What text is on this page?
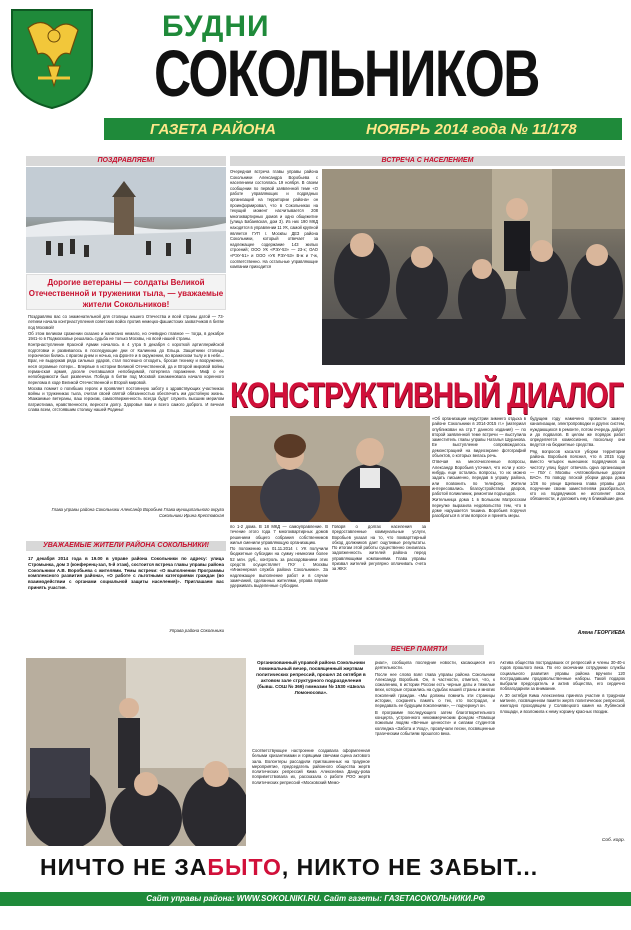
БУДНИ
СОКОЛЬНИКОВ
ГАЗЕТА РАЙОНА	НОЯБРЬ 2014 года № 11/178
ПОЗДРАВЛЯЕМ!
Дорогие ветераны — солдаты Великой Отечественной и труженики тыла, — уважаемые жители Сокольников!

Поздравляю вас со знаменательной для столицы нашего Отечества и всей страны датой — 73-летием начала контрнаступления советских войск против немецко-фашистских захватчиков в битве под Москвой!

Об этом великом сражении сказано и написано немало, но очевидно главное — тогда, в декабре 1941-го в Подмосковье решалась судьба не только Москвы, но всей нашей страны.

Контрнаступление Красной Армии началось в 4 утра 5 декабря с короткой артиллерийской подготовки и развивалось в последующие дни от Калинина до Ельца. Защитники столицы героически бились с врагом днем и ночью, на фронте и в окружении, во вражеском тылу и в небе... Враг, не выдержав ряда сильных ударов, стал поспешно отходить, бросая технику и вооружение, неся огромные потери... Впервые в истории Великой Отечественной, да и Второй мировой войны германская армия, доселе считавшаяся непобедимой, потерпела поражение. Миф о ее непобедимости был развенчан. Победа в битве под Москвой ознаменовала начало коренного перелома в ходе Великой Отечественной и Второй мировой.

Москва помнит о погибших героях и проявляет постоянную заботу о здравствующих участниках войны и тружениках тыла, считая своей святой обязанностью обеспечить им достойную жизнь. Уважаемые ветераны, ваш героизм, самоотверженность всегда будут служить высшим мерилом патриотизма, нравственности, верности долгу. Здоровья вам и всего самого доброго. И вечная слава всем, отстоявшим столицу нашей Родины!

Глава управы района Сокольники Александр Воробьев Глава муниципального округа Сокольники Ирина Крестовская
УВАЖАЕМЫЕ ЖИТЕЛИ РАЙОНА СОКОЛЬНИКИ!
17 декабря 2014 года в 19.00 в управе района Сокольники по адресу: улица Стромынка, дом 3 (конференц-зал, 5-й этаж), состоится встреча главы управы района Сокольники А.В. Воробьева с жителями. Темы встречи: «О выполнении Программы комплексного развития района», «О работе с льготными категориями граждан (во взаимодействии с органами социальной защиты населения)». Приглашаем вас принять участие.
Управа района Сокольники
ВСТРЕЧА С НАСЕЛЕНИЕМ
Очередная встреча главы управы района Сокольники Александра Воробьева с населением состоялась 19 ноября. В своем сообщении по первой заявленной теме «О работе управляющих и подрядных организаций на территории района» он проинформировал, что в Сокольниках на текущий момент насчитывается 208 многоквартирных домов и одно общежитие (улица Бабаевская, дом 3). Из них 190 МКД находятся в управлении 11 УК, самой крупной является ГУП г. Москвы ДЕЗ района Сокольники, который отвечает за надлежащее содержание 143 жилых строений; ООО УК «РЭУ-53» — 23-х; ОАО «РЭУ-51» и ООО «УК РЭУ-53» В-ж и 7-ж, соответственно. На остальные управляющие компании приходится
КОНСТРУКТИВНЫЙ ДИАЛОГ

по 1-2 дома. В 18 МКД — самоуправление. В течение этого года 7 многоквартирных домов решением общего собрания собственников жилья сменили управляющую организацию.

По положению на 01.11.2014 г. УК получили бюджетные субсидии на сумму немногим более 52 млн. руб., контроль за расходованием этих средств осуществляет ГКУ г. Москвы «Инженерная служба района Сокольники». За надлежащее выполнение работ и в случае замечаний, сделанных жителями, управа вправе удерживать выделенные субсидии.

Говоря о долгах населения за предоставленные коммунальные услуги, Воробьев указал на то, что покварттирный обход должников дает ощутимые результаты. По итогам этой работы существенно снизилась задолженность жителей района перед управляющими компаниями. Глава управы призвал жителей регулярно оплачивать счета за ЖКУ.

«Об организации индустрии зимнего отдыха в районе Сокольники в 2014-2015 гг.» (материал опубликован на стр.7 данного издания) — по второй заявленной теме встречи — выступила заместитель главы управы Наталья Шуранова. Ее выступление сопровождалось демонстрацией на видеоэкране фотографий объектов, о которых велась речь.

Отвечая на многочисленные вопросы, Александр Воробьев уточнил, что если у кого-нибудь еще остались вопросы, то их можно задать письменно, передав в управу района, или позвонить по телефону. Жители интересовались благоустройством дворов, работой поликлиник, ремонтом подъездов.

Жительница дома 1 в Большом Матросском переулке выразила недовольство тем, что в доме нарушается тишина. Воробьев поручил разобраться в этом вопросе и принять меры.

будущем году намечено провести замену канализации, электропроводки и других систем, нуждающихся в ремонте, потом очередь дойдет и до подвалов. В целом же порядок работ определяется комиссионно, поскольку они ведутся на бюджетные средства.

Ряд вопросов касался уборки территории района. Воробьев пояснил, что в 2015 году вместо четырех нынешних подрядчиков за чистоту улиц будет отвечать одна организация — ГБУ г. Москвы «Автомобильные дороги ВАО». По поводу плохой уборки двора дома 1/26 по улице Щепкина глава управы дал поручение своим заместителям разобраться, кто из подрядчиков не исполняет свои обязанности, и доложить ему в ближайшие дни.

Алена ГЕОРГИЕВА
ВЕЧЕР ПАМЯТИ
Организованный управой района Сокольники поминальный вечер, посвященный жертвам политических репрессий, прошел 24 октября в актовом зале структурного подразделения (бывш. СОШ № 369) гимназии № 1530 «Школа Ломоносова».

Соответствующее настроение создавала оформленная белыми хризантемами и горящими свечами сцена актового зала. Волонтеры рассадили приглашенных на траурное мероприятие, председатель районного общества жертв политических репрессий Кима Алексеевна Данду-рова поприветствовала их, рассказала о работе РОО жертв политических репрессий «Московский Мемо-

риал», сообщила последние новости, касающиеся его деятельности.

После нее слово взял глава управы района Сокольники Александр Воробьев. Он, в частности, отметил, что, к сожалению, в истории России есть черные даты и тяжелые вехи, которые отразились на судьбах нашей страны и многих поколений граждан. «Мы должны помнить эти страницы истории, сохранять память о тех, кто пострадал, и передавать ее будущим поколениям», — подчеркнул он.

В программе последующего затем благотворительного концерта, устроенного некоммерческим фондом «Помощи пожилым людям «Вечные ценности» и силами студентов колледжа «Забота и Уход», прозвучали песни, посвященные трагическим событиям прошлого века.

Актива общества пострадавших от репрессий и члены 30-40-х годов прошлого века. По его окончании сотрудники службы социального развития управы района вручили 120 пострадавшим продовольственные наборы. Такой подарок выбрали председатель и актив общества, его сердечно поблагодарили за внимание.

А 30 октября Кима Алексеевна приняла участие в траурном митинге, посвященном памяти жертв политических репрессий, ежегодно проходящем у Соловецкого камня на Лубянской площади, и возложила к нему корзину красных гвоздик.

Соб. корр.
НИЧТО НЕ ЗАБЫТО, НИКТО НЕ ЗАБЫТ...
Сайт управы района: WWW.SOKOLNIKI.RU. Сайт газеты: ГАЗЕТАСОКОЛЬНИКИ.РФ
